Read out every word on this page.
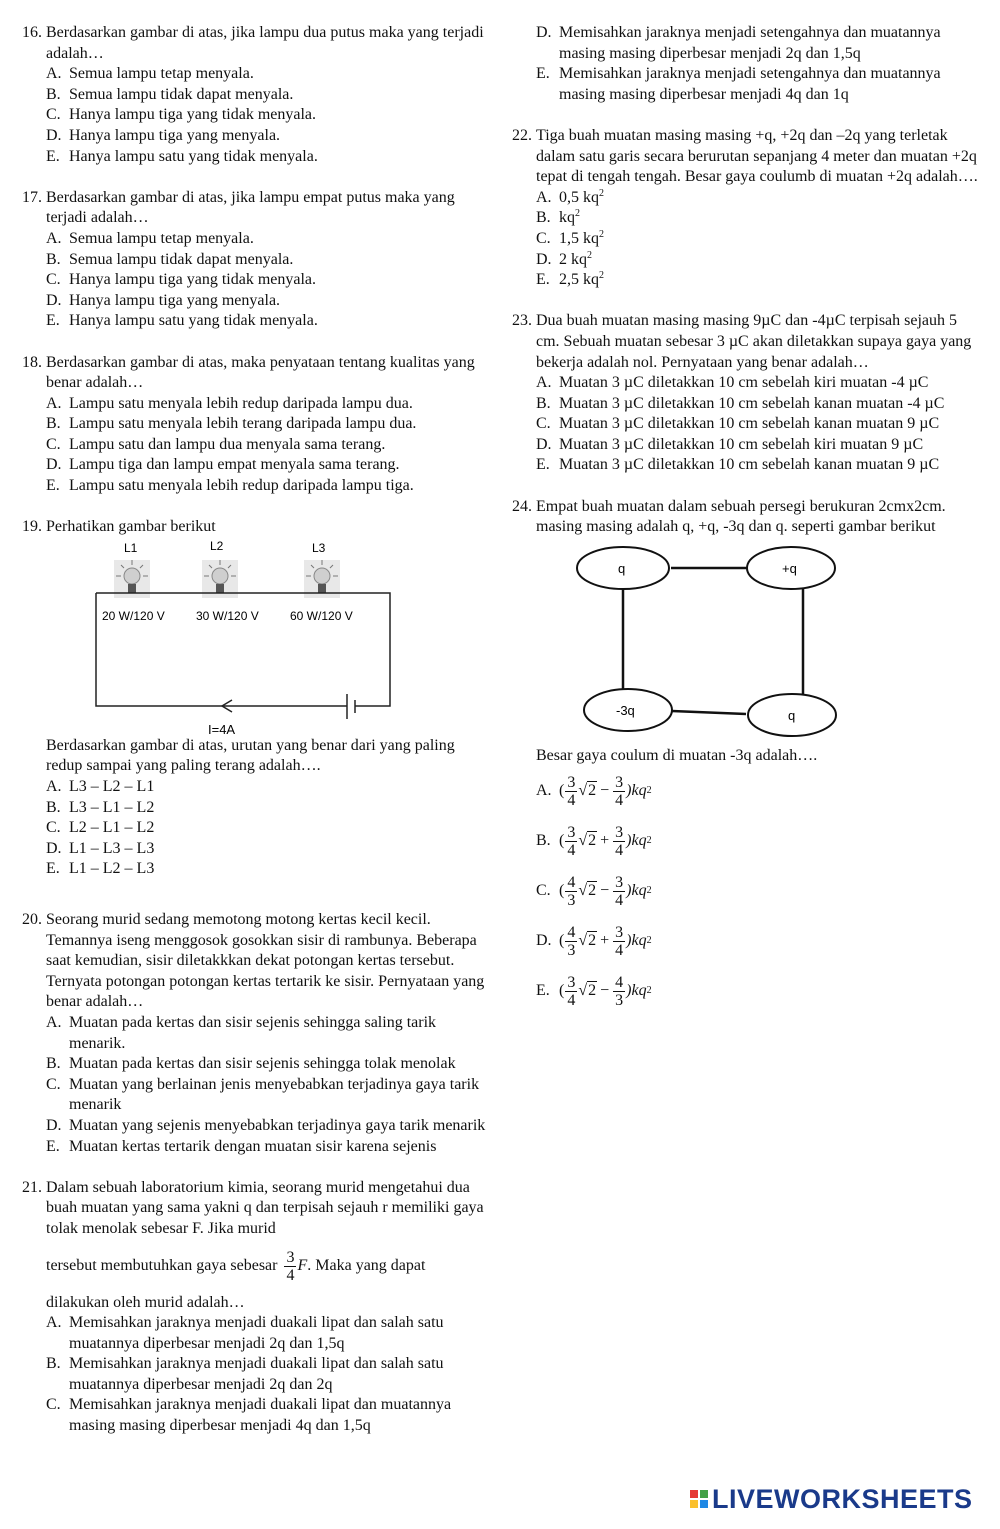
16. Berdasarkan gambar di atas, jika lampu dua putus maka yang terjadi adalah…
A. Semua lampu tetap menyala.
B. Semua lampu tidak dapat menyala.
C. Hanya lampu tiga yang tidak menyala.
D. Hanya lampu tiga yang menyala.
E. Hanya lampu satu yang tidak menyala.
17. Berdasarkan gambar di atas, jika lampu empat putus maka yang terjadi adalah…
A. Semua lampu tetap menyala.
B. Semua lampu tidak dapat menyala.
C. Hanya lampu tiga yang tidak menyala.
D. Hanya lampu tiga yang menyala.
E. Hanya lampu satu yang tidak menyala.
18. Berdasarkan gambar di atas, maka penyataan tentang kualitas yang benar adalah…
A. Lampu satu menyala lebih redup daripada lampu dua.
B. Lampu satu menyala lebih terang daripada lampu dua.
C. Lampu satu dan lampu dua menyala sama terang.
D. Lampu tiga dan lampu empat menyala sama terang.
E. Lampu satu menyala lebih redup daripada lampu tiga.
19. Perhatikan gambar berikut
L1	L2	L3
20 W/120 V	30 W/120 V	60 W/120 V
I=4A
Berdasarkan gambar di atas, urutan yang benar dari yang paling redup sampai yang paling terang adalah….
A. L3 – L2 – L1
B. L3 – L1 – L2
C. L2 – L1 – L2
D. L1 – L3 – L3
E. L1 – L2 – L3
20. Seorang murid sedang memotong motong kertas kecil kecil. Temannya iseng menggosok gosokkan sisir di rambunya. Beberapa saat kemudian, sisir diletakkkan dekat potongan kertas tersebut. Ternyata potongan potongan kertas tertarik ke sisir. Pernyataan yang benar adalah…
A. Muatan pada kertas dan sisir sejenis sehingga saling tarik menarik.
B. Muatan pada kertas dan sisir sejenis sehingga tolak menolak
C. Muatan yang berlainan jenis menyebabkan terjadinya gaya tarik menarik
D. Muatan yang sejenis menyebabkan terjadinya gaya tarik menarik
E. Muatan kertas tertarik dengan muatan sisir karena sejenis
21. Dalam sebuah laboratorium kimia, seorang murid mengetahui dua buah muatan yang sama yakni q dan terpisah sejauh r memiliki gaya tolak menolak sebesar F. Jika murid
tersebut membutuhkan gaya sebesar $\frac{3}{4}$ F . Maka yang dapat
dilakukan oleh murid adalah…
A. Memisahkan jaraknya menjadi duakali lipat dan salah satu muatannya diperbesar menjadi 2q dan 1,5q
B. Memisahkan jaraknya menjadi duakali lipat dan salah satu muatannya diperbesar menjadi 2q dan 2q
C. Memisahkan jaraknya menjadi duakali lipat dan muatannya masing masing diperbesar menjadi 4q dan 1,5q
D. Memisahkan jaraknya menjadi setengahnya dan muatannya masing masing diperbesar menjadi 2q dan 1,5q
E. Memisahkan jaraknya menjadi setengahnya dan muatannya masing masing diperbesar menjadi 4q dan 1q
22. Tiga buah muatan masing masing +q, +2q dan –2q yang terletak dalam satu garis secara berurutan sepanjang 4 meter dan muatan +2q tepat di tengah tengah. Besar gaya coulumb di muatan +2q adalah….
A. 0,5 $kq^2$
B. $kq^2$
C. 1,5 $kq^2$
D. 2 $kq^2$
E. 2,5 $kq^2$
23. Dua buah muatan masing masing 9µC dan -4µC terpisah sejauh 5 cm. Sebuah muatan sebesar 3 µC akan diletakkan supaya gaya yang bekerja adalah nol. Pernyataan yang benar adalah…
A. Muatan 3 µC diletakkan 10 cm sebelah kiri muatan -4 µC
B. Muatan 3 µC diletakkan 10 cm sebelah kanan muatan -4 µC
C. Muatan 3 µC diletakkan 10 cm sebelah kanan muatan 9 µC
D. Muatan 3 µC diletakkan 10 cm sebelah kiri muatan 9 µC
E. Muatan 3 µC diletakkan 10 cm sebelah kanan muatan 9 µC
24. Empat buah muatan dalam sebuah persegi berukuran 2cmx2cm. masing masing adalah q, +q, -3q dan q. seperti gambar berikut
q	+q
-3q	q
Besar gaya coulum di muatan -3q adalah….
A. ( $\frac{3}{4} √2 - \frac{3}{4} )kq$ 2
B. ( $\frac{3}{4} √2 + \frac{3}{4} )kq$ 2
C. ( $\frac{4}{3} √2 - \frac{3}{4} )kq$ 2
D. ( $\frac{4}{3} √2 + \frac{3}{4} )kq$ 2
E. ( $\frac{3}{4} √2 - \frac{4}{3} )kq$ 2
LIVEWORKSHEETS
